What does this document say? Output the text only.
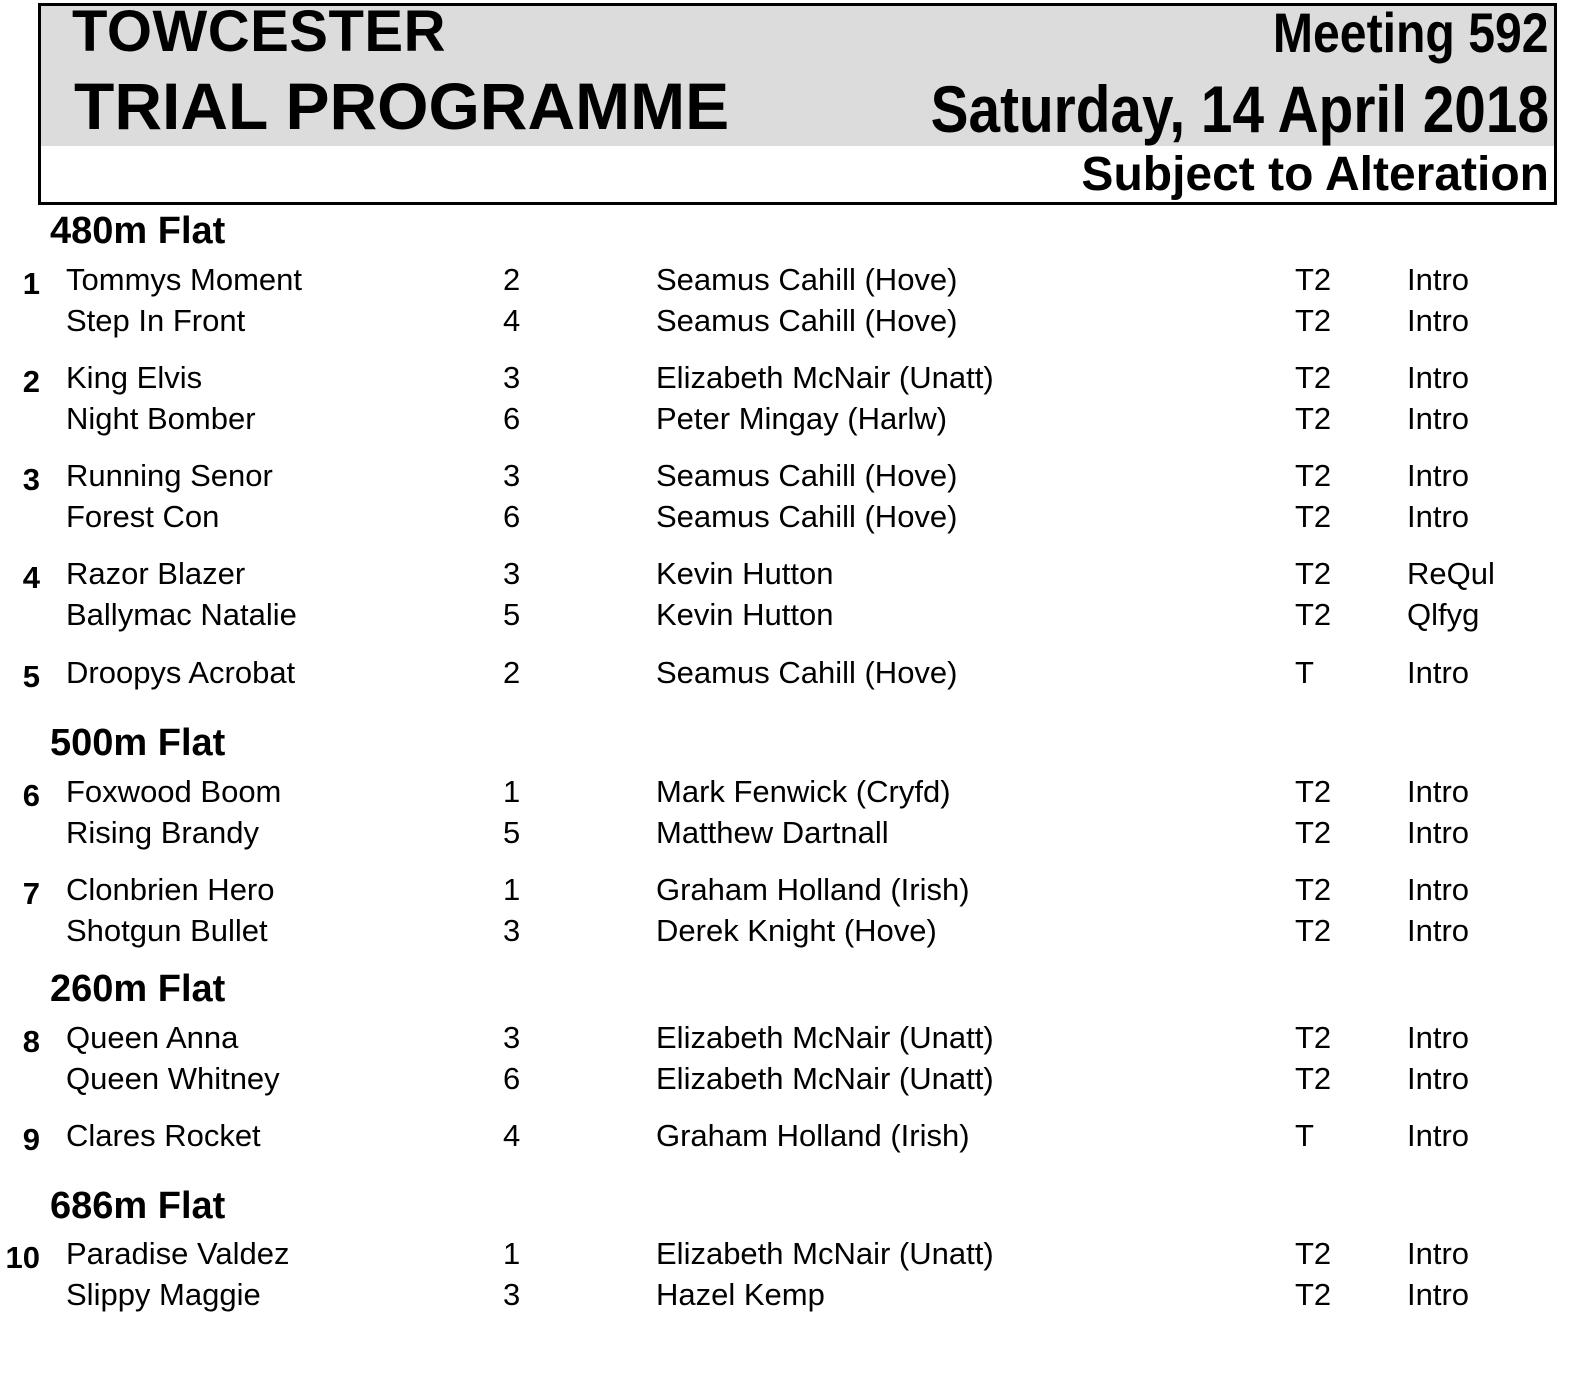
TOWCESTER
TRIAL PROGRAMME
Meeting 592
Saturday, 14 April 2018
Subject to Alteration
480m Flat
1 Tommys Moment	2	Seamus Cahill (Hove)	T2 Intro
Step In Front	4	Seamus Cahill (Hove)	T2 Intro
2 King Elvis	3	Elizabeth McNair (Unatt)	T2 Intro
Night Bomber	6	Peter Mingay (Harlw)	T2 Intro
3 Running Senor	3	Seamus Cahill (Hove)	T2 Intro
Forest Con	6	Seamus Cahill (Hove)	T2 Intro
4 Razor Blazer	3	Kevin Hutton	T2 ReQul
Ballymac Natalie	5	Kevin Hutton	T2 Qlfyg
5 Droopys Acrobat	2	Seamus Cahill (Hove)	T	Intro
500m Flat
6 Foxwood Boom	1	Mark Fenwick (Cryfd)	T2 Intro
Rising Brandy	5	Matthew Dartnall	T2 Intro
7 Clonbrien Hero	1	Graham Holland (Irish)	T2 Intro
Shotgun Bullet	3	Derek Knight (Hove)	T2 Intro
260m Flat
8 Queen Anna	3	Elizabeth McNair (Unatt)	T2 Intro
Queen Whitney	6	Elizabeth McNair (Unatt)	T2 Intro
9 Clares Rocket	4	Graham Holland (Irish)	T	Intro
686m Flat
10 Paradise Valdez	1	Elizabeth McNair (Unatt)	T2 Intro
Slippy Maggie	3	Hazel Kemp	T2 Intro
